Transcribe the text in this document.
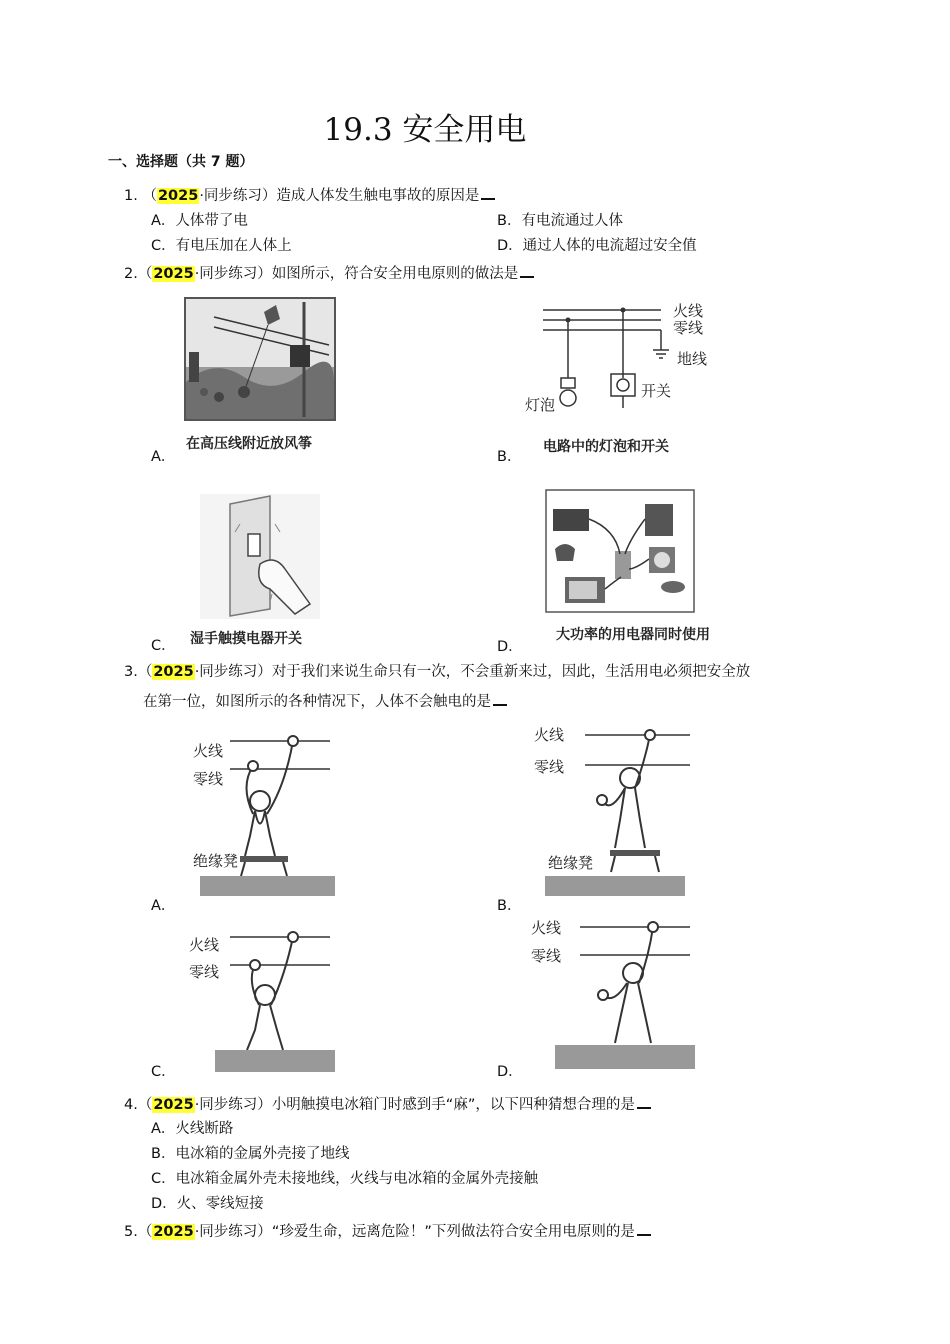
19.3 安全用电
一、选择题（共 7 题）
1. （2025·同步练习）造成人体发生触电事故的原因是
A．人体带了电	B．有电流通过人体
C．有电压加在人体上	D．通过人体的电流超过安全值
2.（2025·同步练习）如图所示，符合安全用电原则的做法是
在高压线附近放风筝
A．
火线
零线
地线
灯泡
开关
电路中的灯泡和开关
B．
湿手触摸电器开关
C．
大功率的用电器同时使用
D．
3.（2025·同步练习）对于我们来说生命只有一次，不会重新来过，因此，生活用电必须把安全放
在第一位，如图所示的各种情况下，人体不会触电的是
火线
零线
绝缘凳
A．
火线
零线
绝缘凳
B．
火线
零线
C．
火线
零线
D．
4.（2025·同步练习）小明触摸电冰箱门时感到手“麻”，以下四种猜想合理的是
A．火线断路
B．电冰箱的金属外壳接了地线
C．电冰箱金属外壳未接地线，火线与电冰箱的金属外壳接触
D．火、零线短接
5.（2025·同步练习）“珍爱生命，远离危险！”下列做法符合安全用电原则的是
